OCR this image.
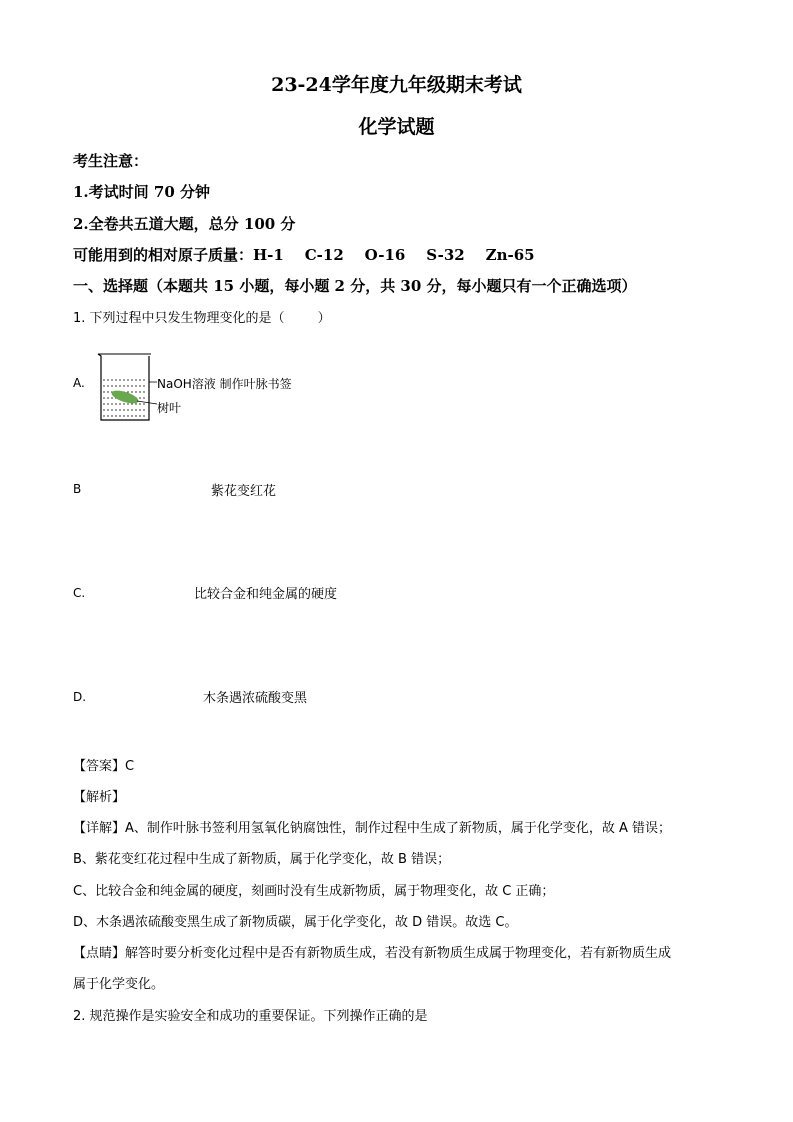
23-24学年度九年级期末考试
化学试题
考生注意：
1.考试时间 70 分钟
2.全卷共五道大题，总分 100 分
可能用到的相对原子质量：H-1    C-12    O-16    S-32    Zn-65
一、选择题（本题共 15 小题，每小题 2 分，共 30 分，每小题只有一个正确选项）
1. 下列过程中只发生物理变化的是（        ）
A.	NaOH溶液 制作叶脉书签
树叶
B	紫花变红花
C.	比较合金和纯金属的硬度
D.	木条遇浓硫酸变黑
【答案】C
【解析】
【详解】A、制作叶脉书签利用氢氧化钠腐蚀性，制作过程中生成了新物质，属于化学变化，故 A 错误；
B、紫花变红花过程中生成了新物质，属于化学变化，故 B 错误；
C、比较合金和纯金属的硬度，刻画时没有生成新物质，属于物理变化，故 C 正确；
D、木条遇浓硫酸变黑生成了新物质碳，属于化学变化，故 D 错误。故选 C。
【点睛】解答时要分析变化过程中是否有新物质生成，若没有新物质生成属于物理变化，若有新物质生成
属于化学变化。
2. 规范操作是实验安全和成功的重要保证。下列操作正确的是
